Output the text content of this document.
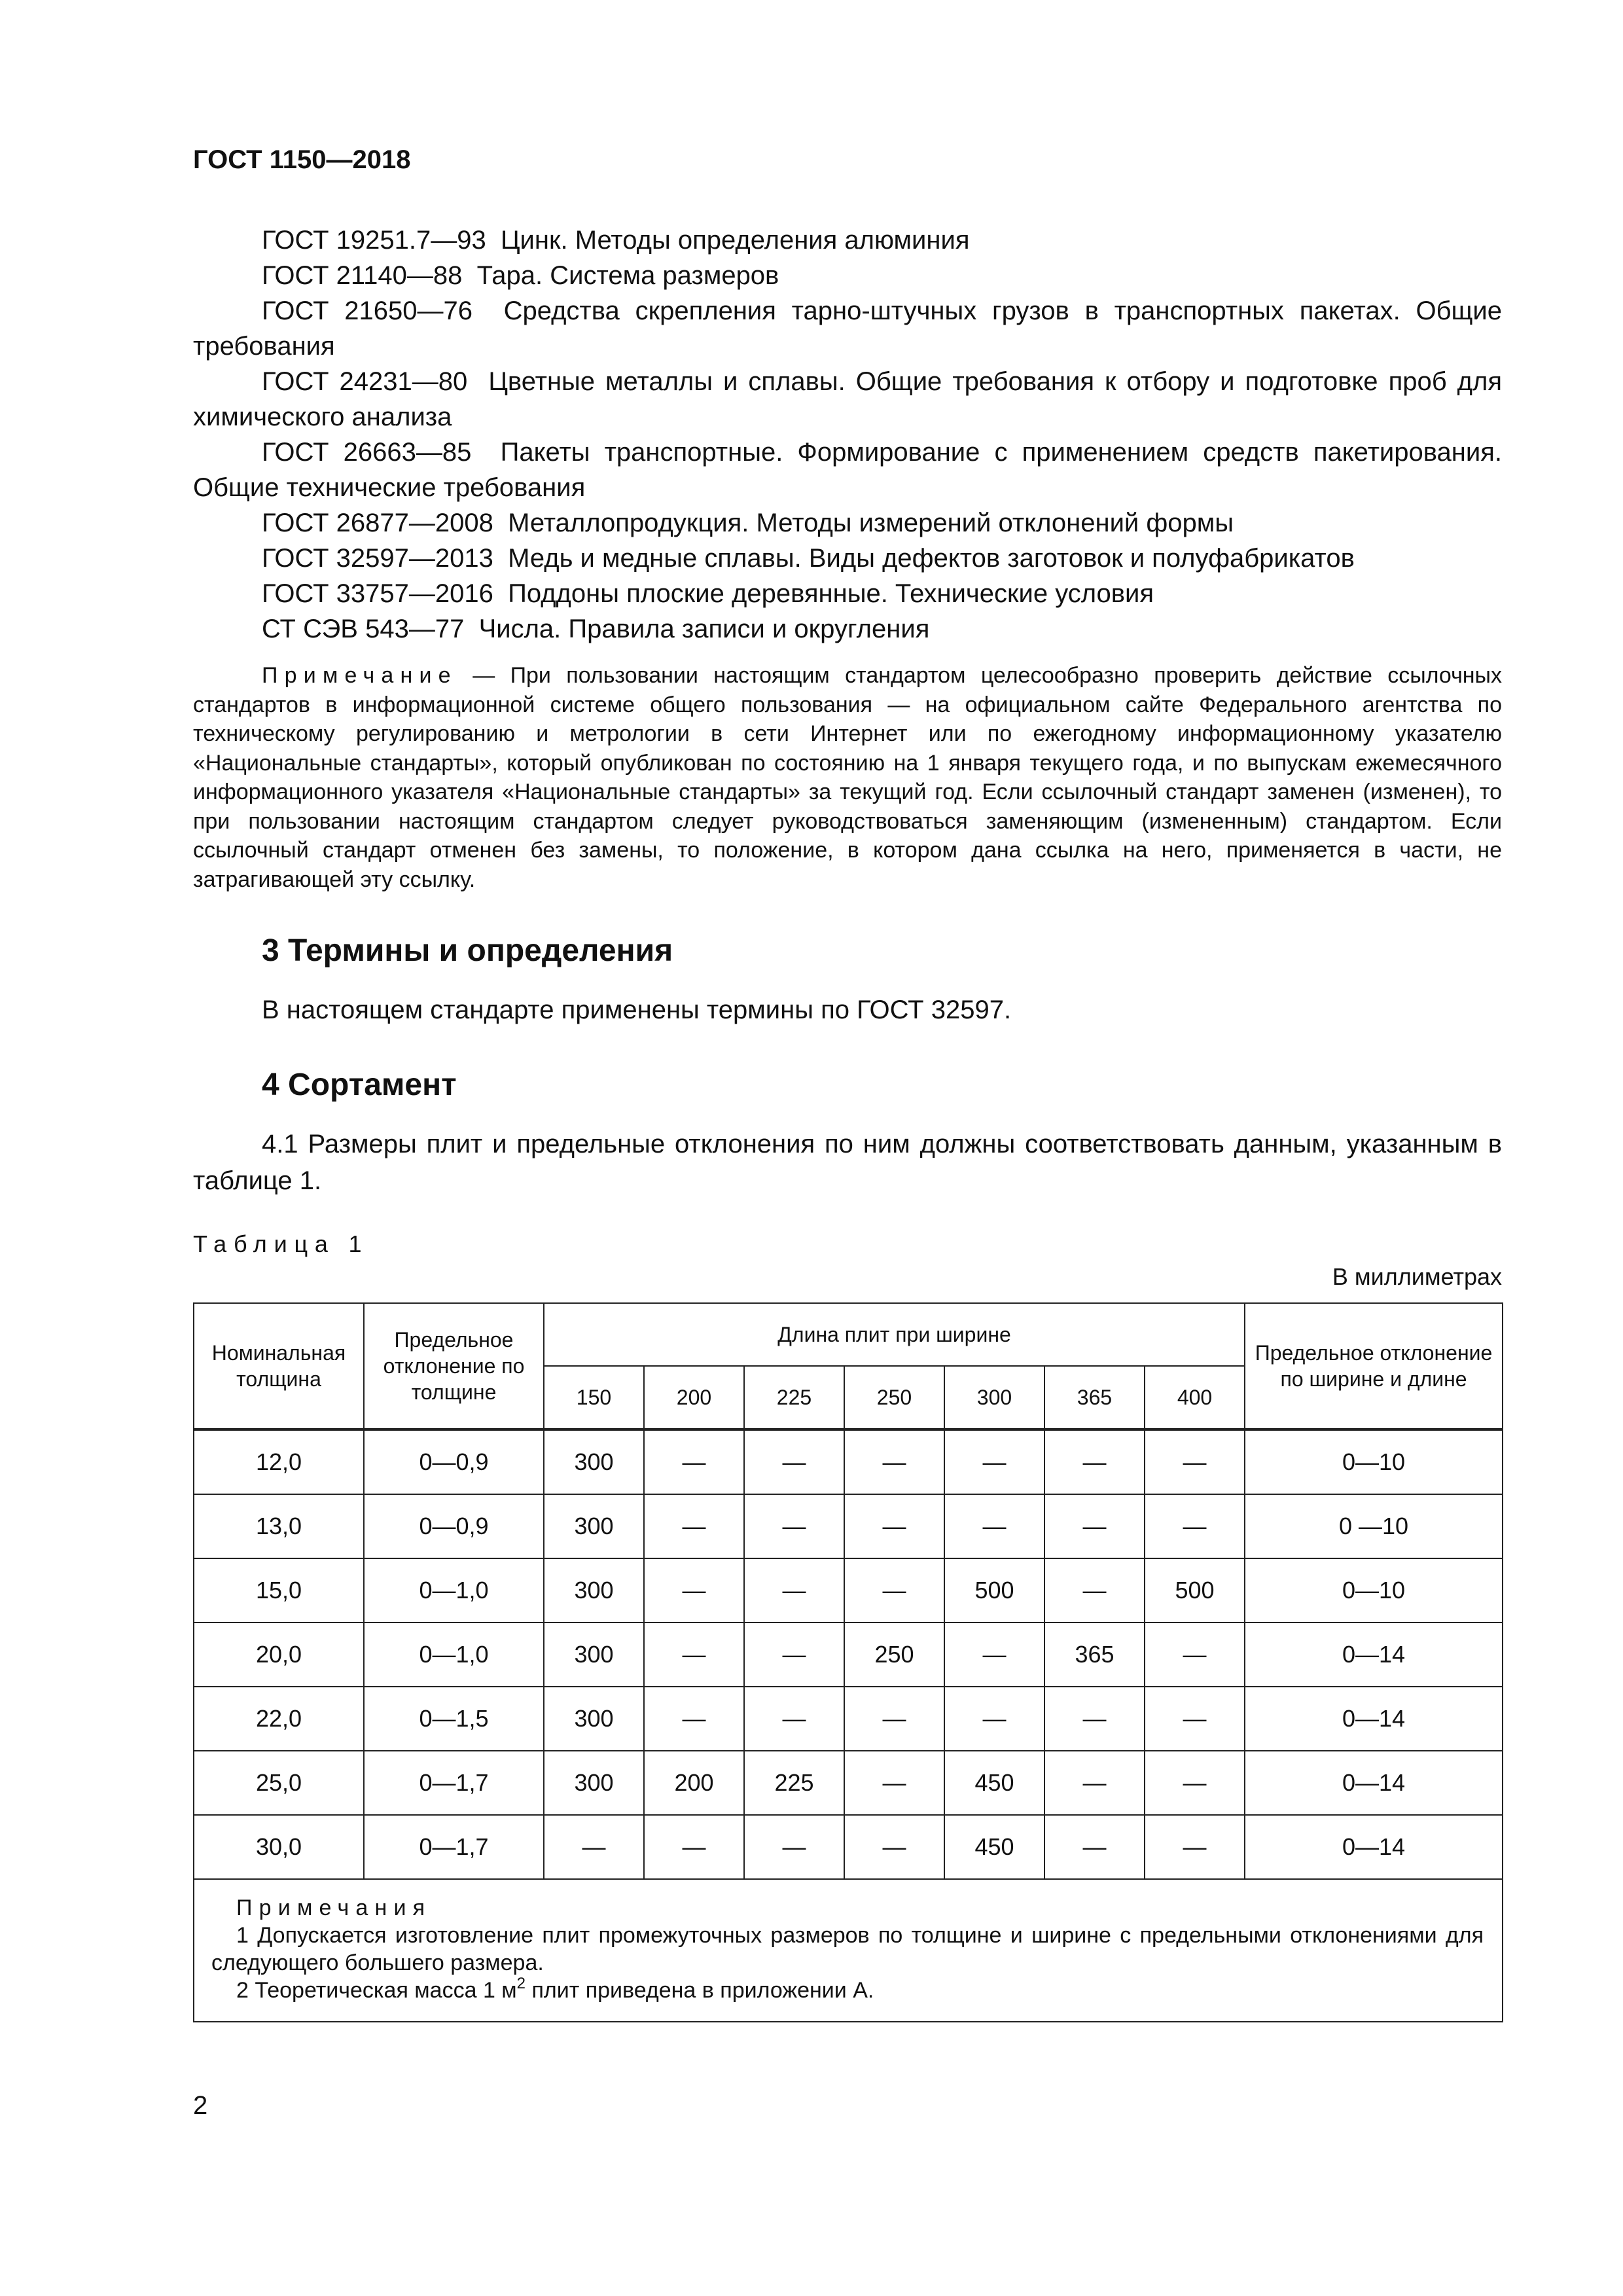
ГОСТ 1150—2018
ГОСТ 19251.7—93 Цинк. Методы определения алюминия
ГОСТ 21140—88 Тара. Система размеров
ГОСТ 21650—76 Средства скрепления тарно-штучных грузов в транспортных пакетах. Общие требования
ГОСТ 24231—80 Цветные металлы и сплавы. Общие требования к отбору и подготовке проб для химического анализа
ГОСТ 26663—85 Пакеты транспортные. Формирование с применением средств пакетирования. Общие технические требования
ГОСТ 26877—2008 Металлопродукция. Методы измерений отклонений формы
ГОСТ 32597—2013 Медь и медные сплавы. Виды дефектов заготовок и полуфабрикатов
ГОСТ 33757—2016 Поддоны плоские деревянные. Технические условия
СТ СЭВ 543—77 Числа. Правила записи и округления
Примечание — При пользовании настоящим стандартом целесообразно проверить действие ссылочных стандартов в информационной системе общего пользования — на официальном сайте Федерального агентства по техническому регулированию и метрологии в сети Интернет или по ежегодному информационному указателю «Национальные стандарты», который опубликован по состоянию на 1 января текущего года, и по выпускам ежемесячного информационного указателя «Национальные стандарты» за текущий год. Если ссылочный стандарт заменен (изменен), то при пользовании настоящим стандартом следует руководствоваться заменяющим (измененным) стандартом. Если ссылочный стандарт отменен без замены, то положение, в котором дана ссылка на него, применяется в части, не затрагивающей эту ссылку.
3 Термины и определения
В настоящем стандарте применены термины по ГОСТ 32597.
4 Сортамент
4.1 Размеры плит и предельные отклонения по ним должны соответствовать данным, указанным в таблице 1.
Таблица 1
В миллиметрах
Номинальная толщина	Предельное отклонение по толщине	Длина плит при ширине							Предельное отклонение по ширине и длине
		150	200	225	250	300	365	400	
12,0	0—0,9	300	—	—	—	—	—	—	0—10
13,0	0—0,9	300	—	—	—	—	—	—	0 —10
15,0	0—1,0	300	—	—	—	500	—	500	0—10
20,0	0—1,0	300	—	—	250	—	365	—	0—14
22,0	0—1,5	300	—	—	—	—	—	—	0—14
25,0	0—1,7	300	200	225	—	450	—	—	0—14
30,0	0—1,7	—	—	—	—	450	—	—	0—14

Примечания
1 Допускается изготовление плит промежуточных размеров по толщине и ширине с предельными отклонениями для следующего большего размера.
2 Теоретическая масса 1 $м^2$ плит приведена в приложении А.									
2
